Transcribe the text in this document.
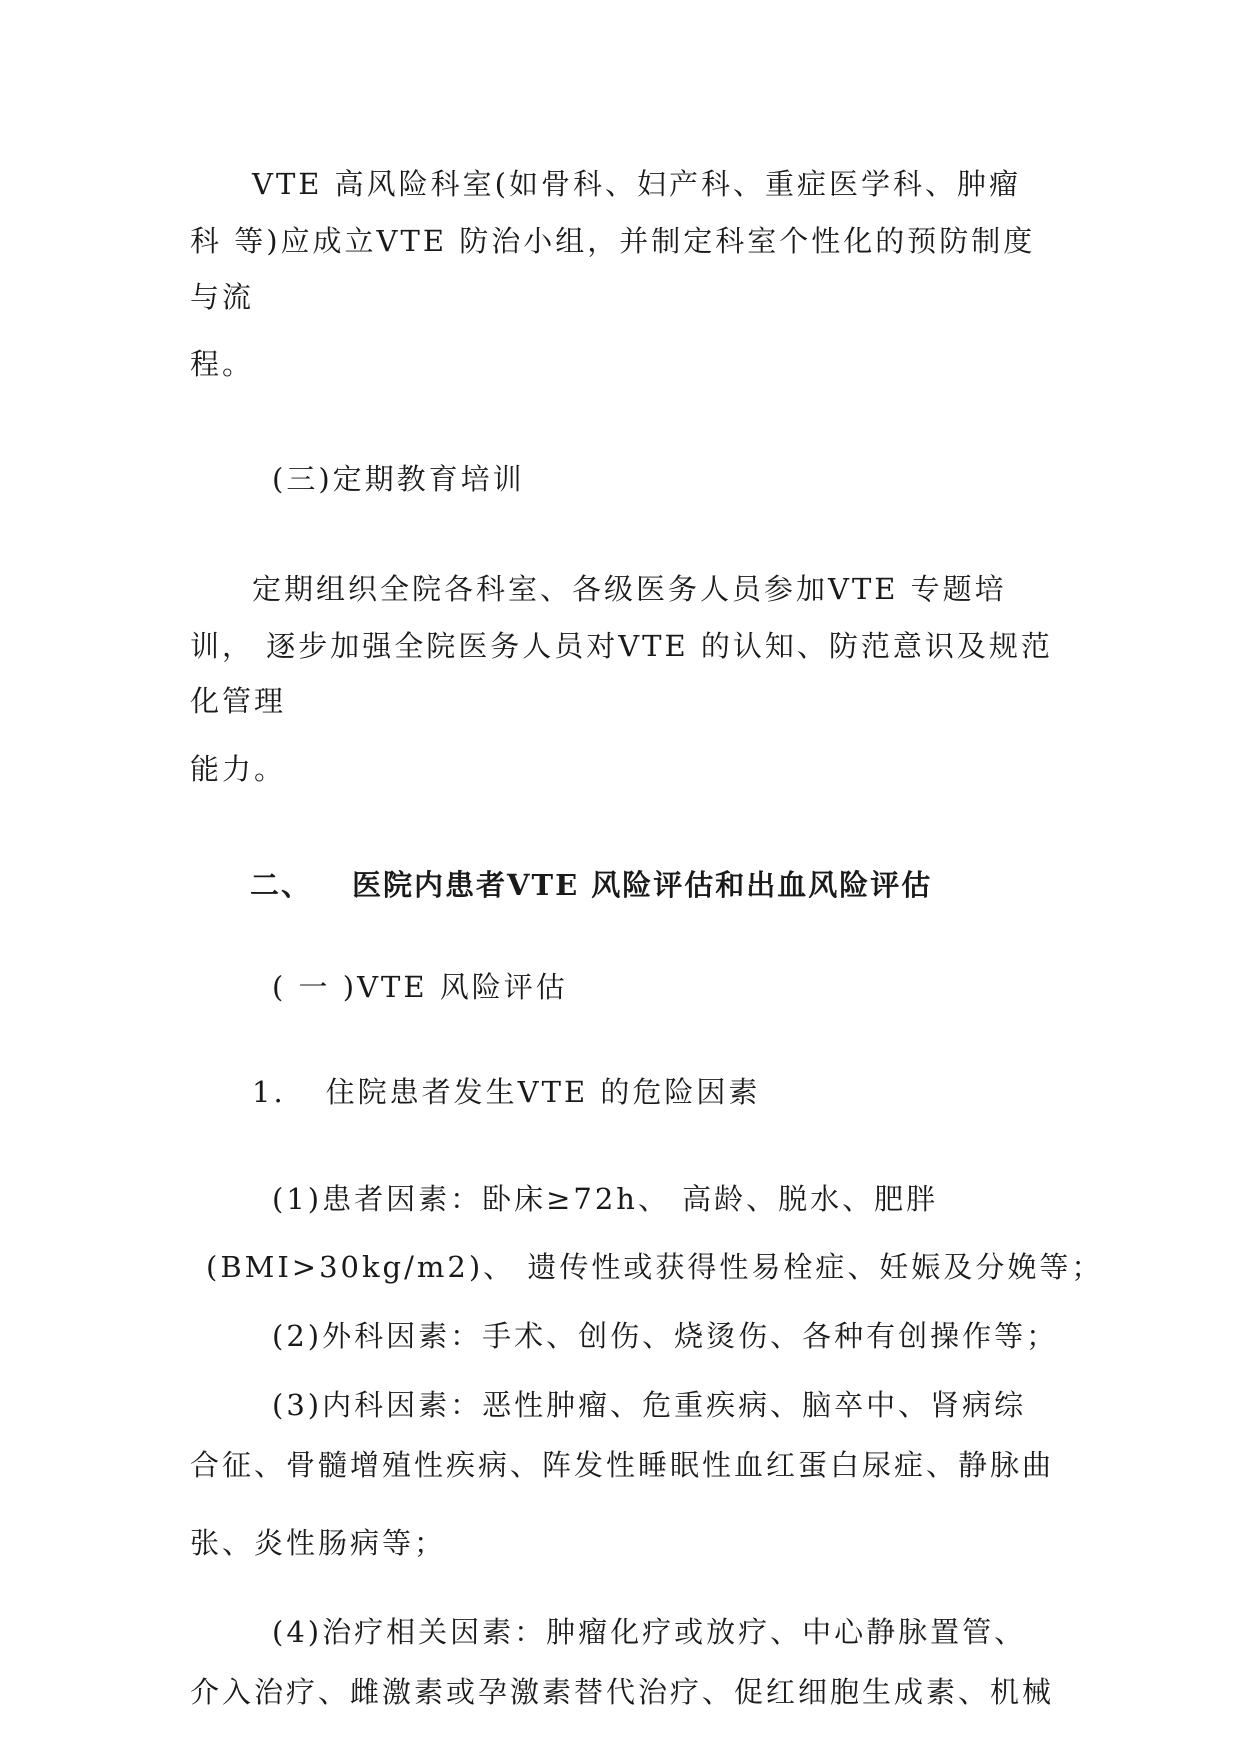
VTE 高风险科室(如骨科、妇产科、重症医学科、肿瘤

科 等)应成立VTE 防治小组，并制定科室个性化的预防制度

与流

程。

(三)定期教育培训

定期组织全院各科室、各级医务人员参加VTE 专题培

训， 逐步加强全院医务人员对VTE 的认知、防范意识及规范

化管理

能力。

二、 医院内患者VTE 风险评估和出血风险评估

( 一 )VTE 风险评估

1. 住院患者发生VTE 的危险因素

(1)患者因素：卧床≥72h、 高龄、脱水、肥胖

(BMI>30kg/m2)、 遗传性或获得性易栓症、妊娠及分娩等；

(2)外科因素：手术、创伤、烧烫伤、各种有创操作等；

(3)内科因素：恶性肿瘤、危重疾病、脑卒中、肾病综

合征、骨髓增殖性疾病、阵发性睡眠性血红蛋白尿症、静脉曲

张、炎性肠病等；

(4)治疗相关因素：肿瘤化疗或放疗、中心静脉置管、

介入治疗、雌激素或孕激素替代治疗、促红细胞生成素、机械
